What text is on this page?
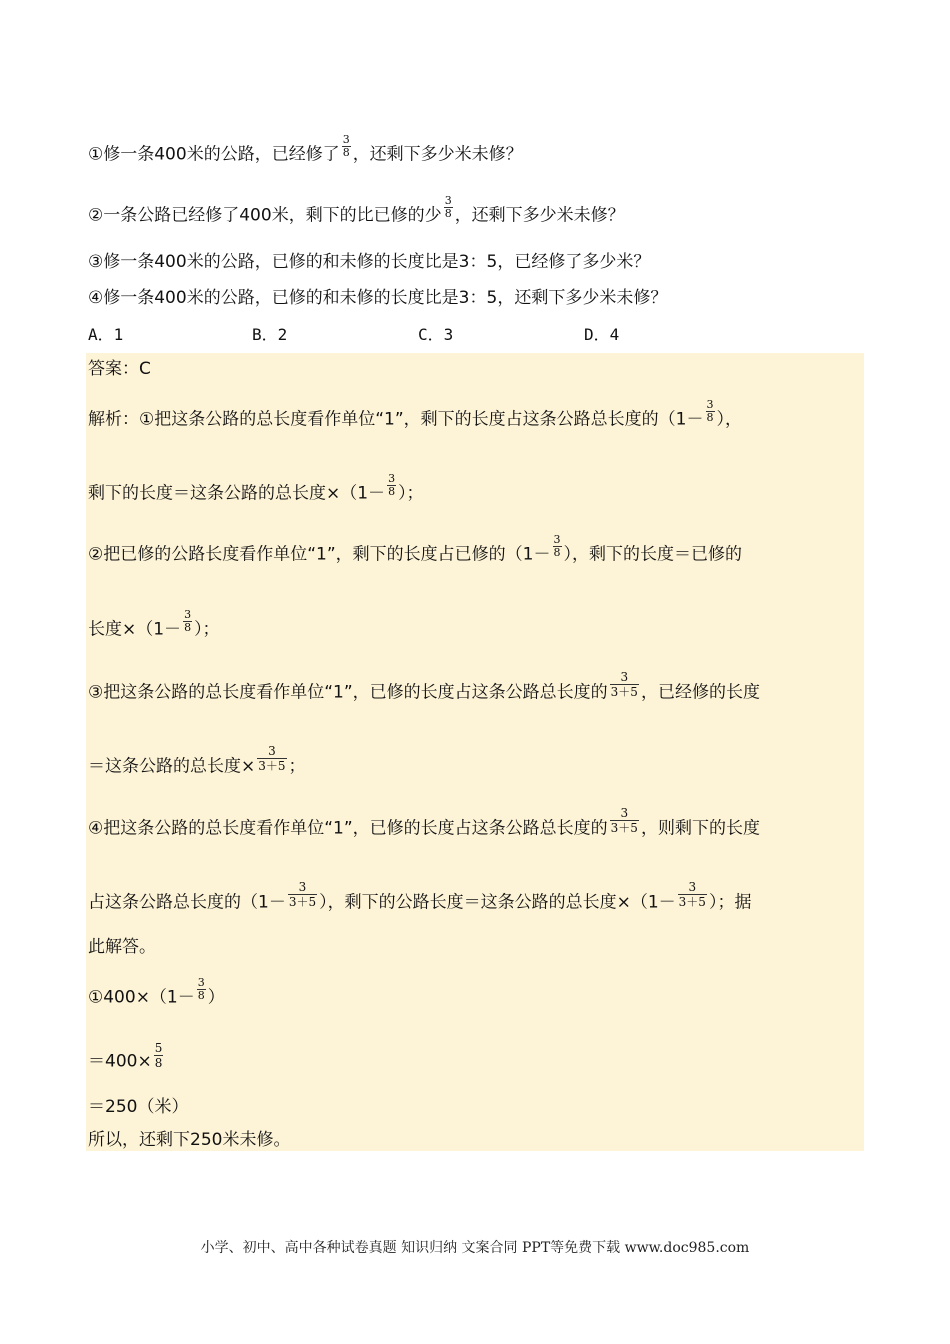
①修一条400米的公路，已经修了 $\frac{3}{8}$ ，还剩下多少米未修？
②一条公路已经修了400米，剩下的比已修的少 $\frac{3}{8}$ ，还剩下多少米未修？
③修一条400米的公路，已修的和未修的长度比是3：5，已经修了多少米？
④修一条400米的公路，已修的和未修的长度比是3：5，还剩下多少米未修？
A．1	B．2	C．3	D．4
答案：C
解析：①把这条公路的总长度看作单位“1”，剩下的长度占这条公路总长度的（$1- \frac{3}{8}$ ），
剩下的长度＝这条公路的总长度$\times(1- \frac{3}{8}$ ）；
②把已修的公路长度看作单位“1”，剩下的长度占已修的（$1- \frac{3}{8}$ ），剩下的长度＝已修的
长度$\times(1- \frac{3}{8}$ ）；
③把这条公路的总长度看作单位“1”，已修的长度占这条公路总长度的 $\frac{3}{3+5}$ ，已经修的长度
＝这条公路的总长度× $\frac{3}{3+5}$ ；
④把这条公路的总长度看作单位“1”，已修的长度占这条公路总长度的 $\frac{3}{3+5}$ ，则剩下的长度
占这条公路总长度的（$1- \frac{3}{3+5}$ ），剩下的公路长度＝这条公路的总长度$\times(1- \frac{3}{3+5}$ ）；据
此解答。
①400×（1－ $\frac{3}{8}$ ）
$=400\times \frac{5}{8}$
＝250（米）
所以，还剩下250米未修。
小学、初中、高中各种试卷真题 知识归纳 文案合同 PPT等免费下载 www.doc985.com
